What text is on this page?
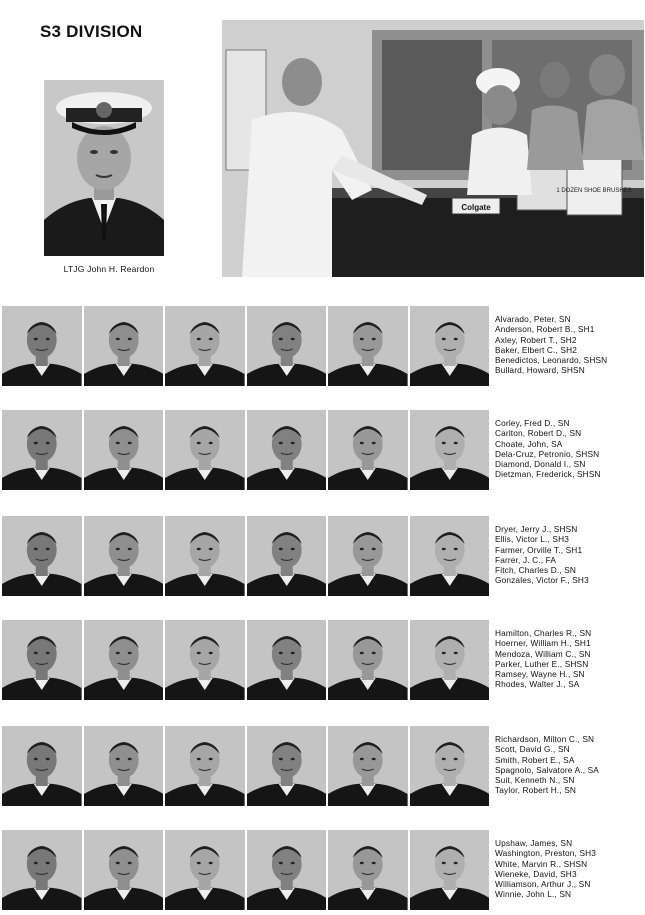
S3 DIVISION
LTJG John H. Reardon
1 DOZEN SHOE BRUSHES
Colgate
Alvarado, Peter, SN
Anderson, Robert B., SH1
Axley, Robert T., SH2
Baker, Elbert C., SH2
Benedictos, Leonardo, SHSN
Bullard, Howard, SHSN
Corley, Fred D., SN
Carlton, Robert D., SN
Choate, John, SA
Dela-Cruz, Petronio, SHSN
Diamond, Donald I., SN
Dietzman, Frederick, SHSN
Dryer, Jerry J., SHSN
Ellis, Victor L., SH3
Farmer, Orville T., SH1
Farrer, J. C., FA
Fitch, Charles D., SN
Gonzales, Victor F., SH3
Hamilton, Charles R., SN
Hoerner, William H., SH1
Mendoza, William C., SN
Parker, Luther E., SHSN
Ramsey, Wayne H., SN
Rhodes, Walter J., SA
Richardson, Milton C., SN
Scott, David G., SN
Smith, Robert E., SA
Spagnolo, Salvatore A., SA
Suit, Kenneth N., SN
Taylor, Robert H., SN
Upshaw, James, SN
Washington, Preston, SH3
White, Marvin R., SHSN
Wieneke, David, SH3
Williamson, Arthur J., SN
Winnie, John L., SN
